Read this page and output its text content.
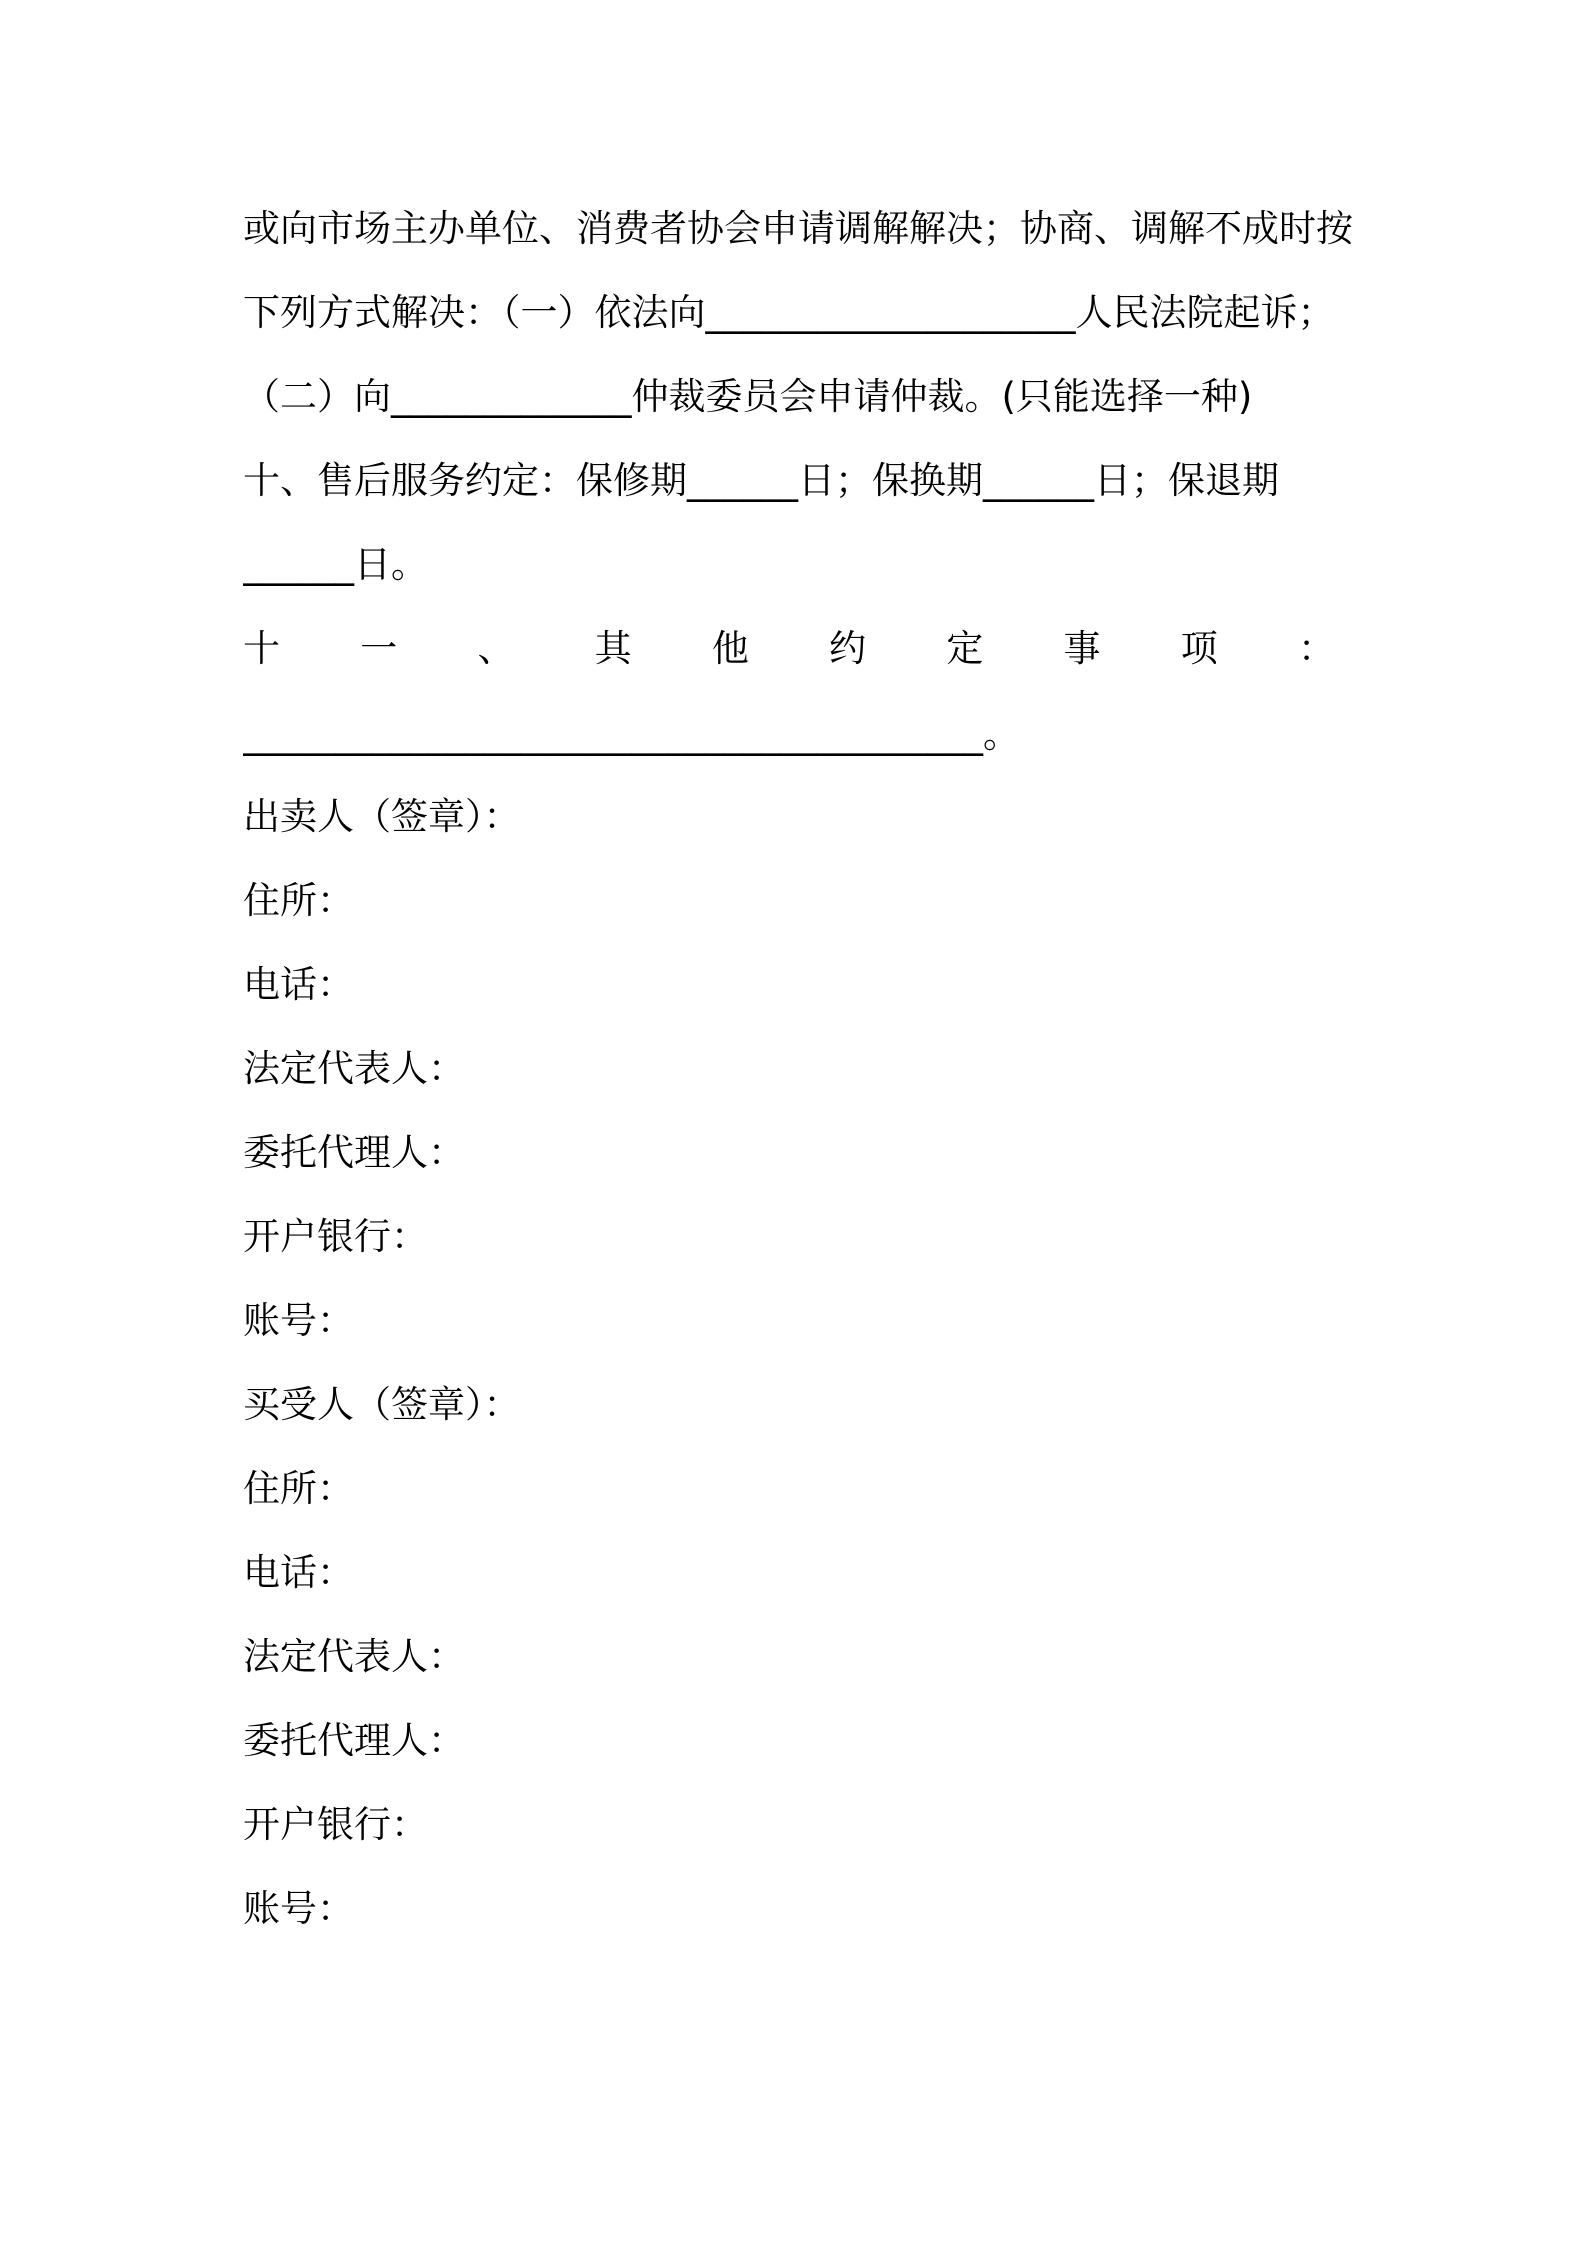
或向市场主办单位、消费者协会申请调解解决；协商、调解不成时按
下列方式解决：（一）依法向____________________人民法院起诉；
（二）向_____________仲裁委员会申请仲裁。(只能选择一种)
十、售后服务约定：保修期______日；保换期______日；保退期
______日。
十 一 、 其 他 约 定 事 项 ：
________________________________________。
出卖人（签章）：
住所：
电话：
法定代表人：
委托代理人：
开户银行：
账号：
买受人（签章）：
住所：
电话：
法定代表人：
委托代理人：
开户银行：
账号：
